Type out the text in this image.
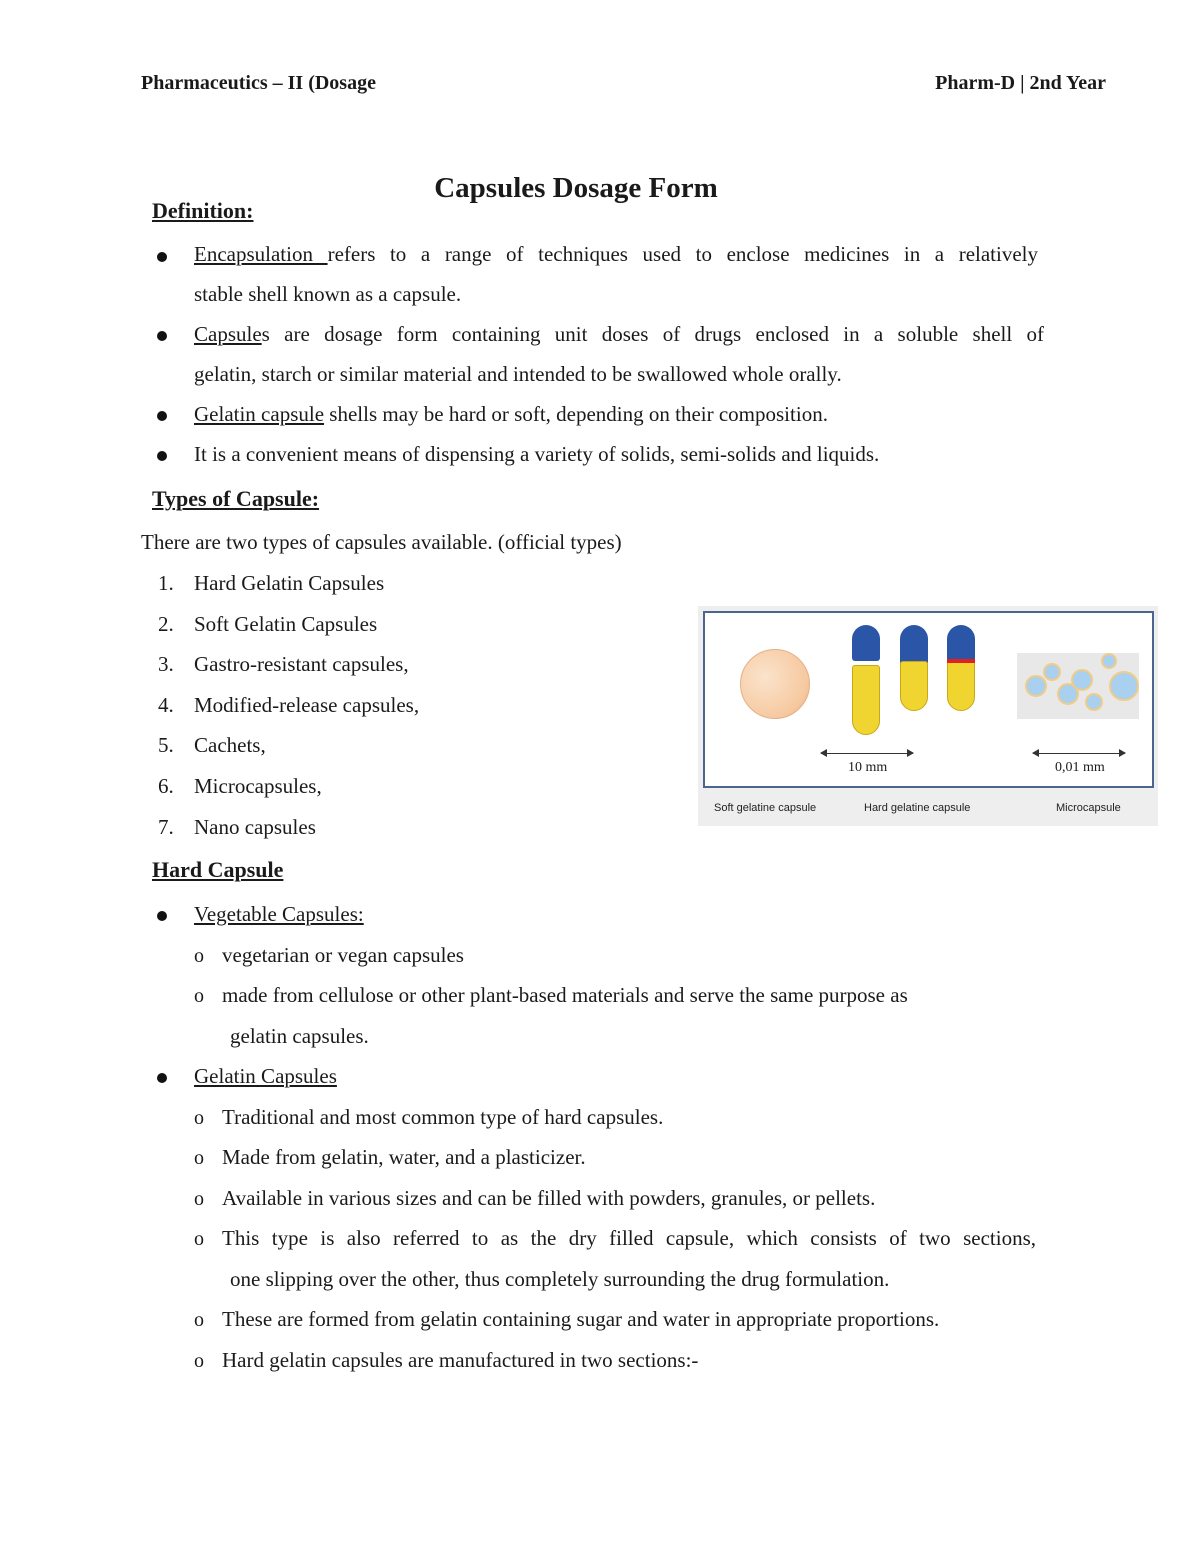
Pharmaceutics – II (Dosage	Pharm-D | 2nd Year
Capsules Dosage Form
Definition:
Encapsulation refers to a range of techniques used to enclose medicines in a relatively
stable shell known as a capsule.
Capsules are dosage form containing unit doses of drugs enclosed in a soluble shell of
gelatin, starch or similar material and intended to be swallowed whole orally.
Gelatin capsule shells may be hard or soft, depending on their composition.
It is a convenient means of dispensing a variety of solids, semi-solids and liquids.
Types of Capsule:
There are two types of capsules available. (official types)
1. Hard Gelatin Capsules
2. Soft Gelatin Capsules
3. Gastro-resistant capsules,
4. Modified-release capsules,
5. Cachets,
6. Microcapsules,
7. Nano capsules
10 mm	0,01 mm
Soft gelatine capsule	Hard gelatine capsule	Microcapsule
Hard Capsule
Vegetable Capsules:
o vegetarian or vegan capsules
o made from cellulose or other plant-based materials and serve the same purpose as
gelatin capsules.
Gelatin Capsules
o Traditional and most common type of hard capsules.
o Made from gelatin, water, and a plasticizer.
o Available in various sizes and can be filled with powders, granules, or pellets.
o This type is also referred to as the dry filled capsule, which consists of two sections,
one slipping over the other, thus completely surrounding the drug formulation.
o These are formed from gelatin containing sugar and water in appropriate proportions.
o Hard gelatin capsules are manufactured in two sections:-
